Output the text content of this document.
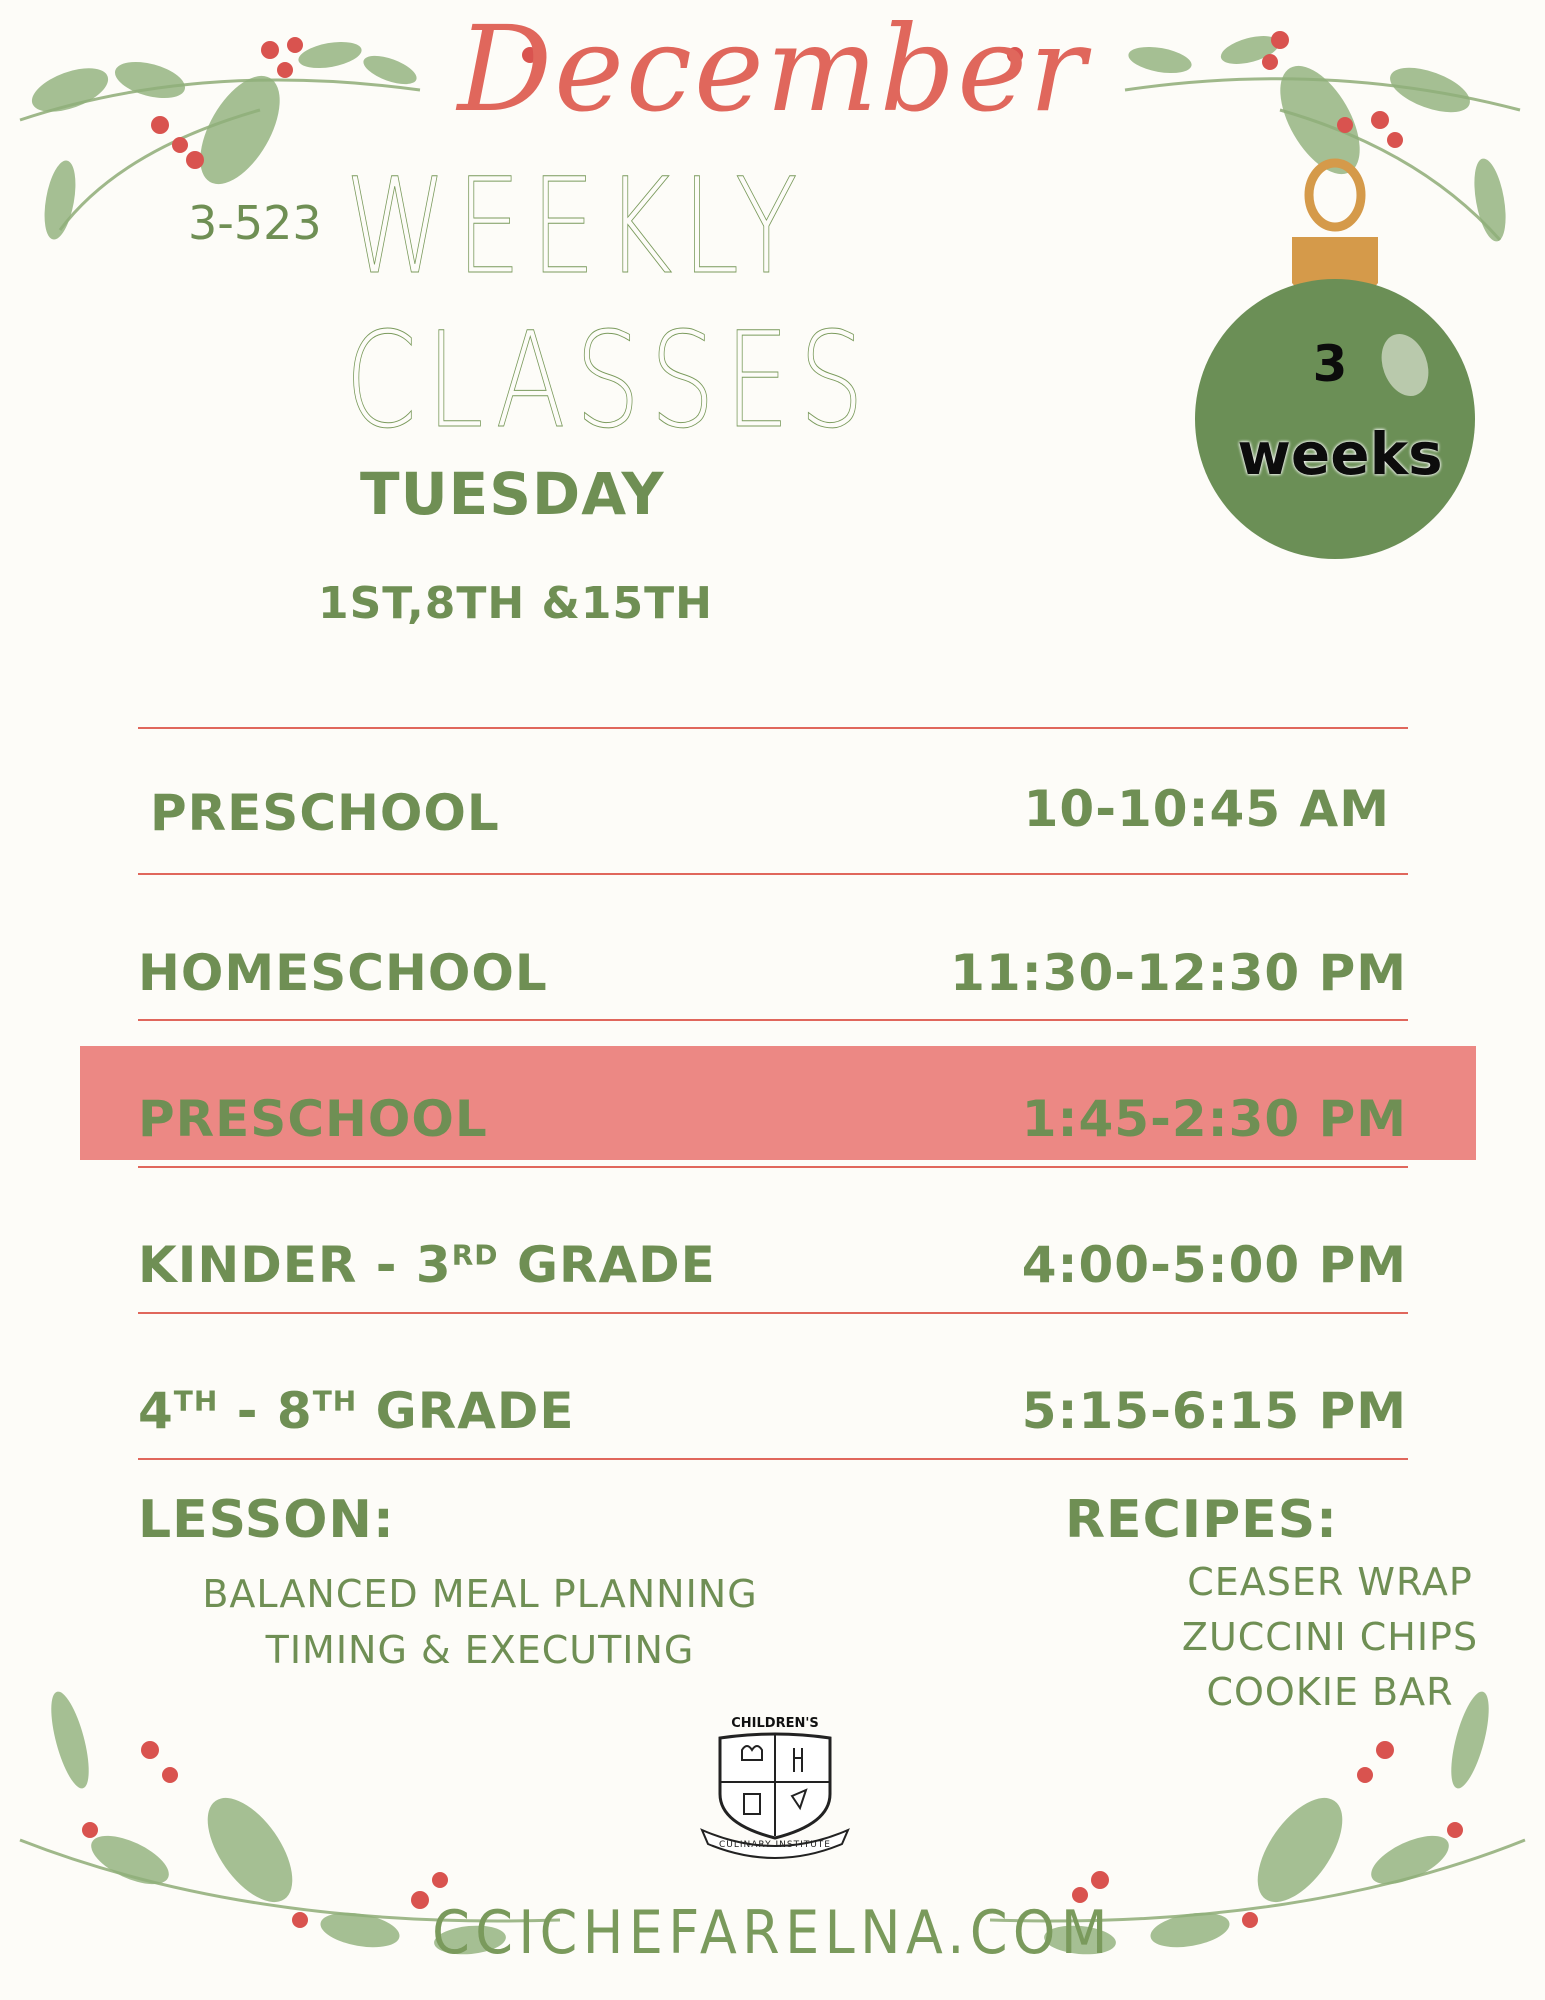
December
3-523 WEEKLY CLASSES	3
weeks
TUESDAY
1ST,8TH &15TH
PRESCHOOL	10-10:45 AM
HOMESCHOOL	11:30-12:30 PM
PRESCHOOL	1:45-2:30 PM
KINDER - 3RD GRADE	4:00-5:00 PM
4TH - 8TH GRADE	5:15-6:15 PM
LESSON:
BALANCED MEAL PLANNING
TIMING & EXECUTING
RECIPES:
CEASER WRAP
ZUCCINI CHIPS
COOKIE BAR
CHILDREN'S
CULINARY INSTITUTE
CCICHEFARELNA.COM
